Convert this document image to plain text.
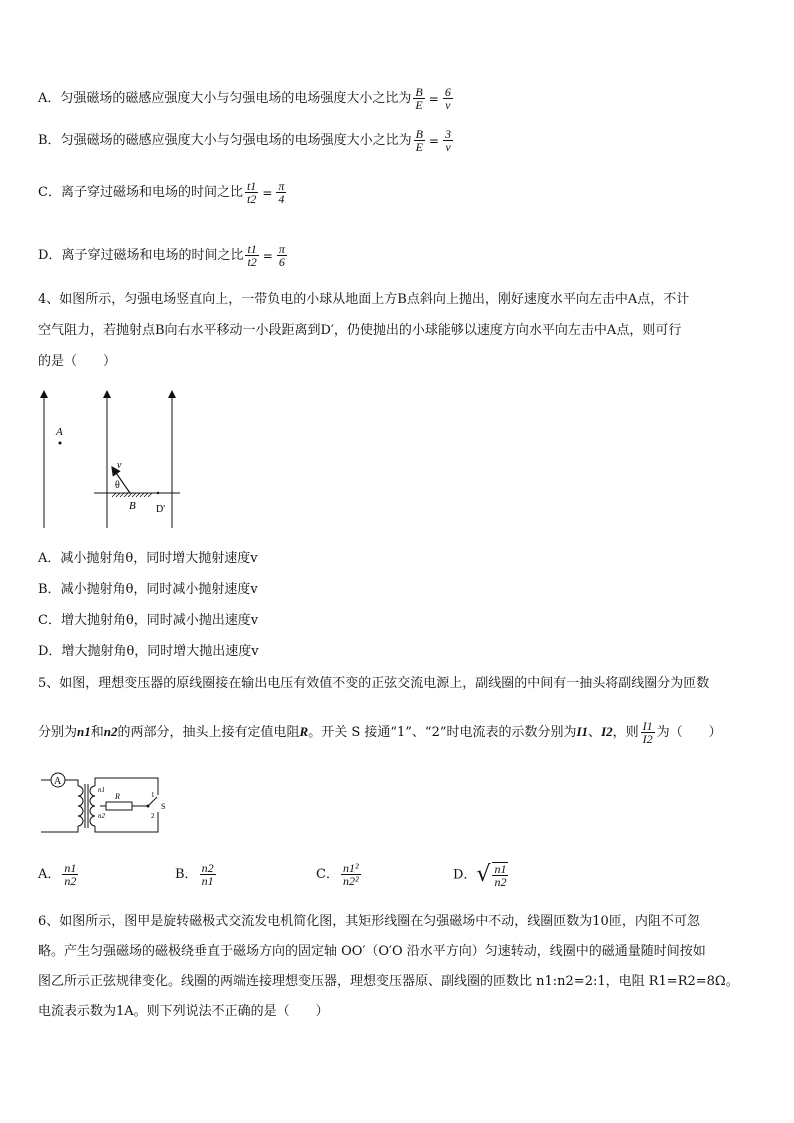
A．匀强磁场的磁感应强度大小与匀强电场的电场强度大小之比为 $\frac{B}{E} = \frac{6}{v}$
B．匀强磁场的磁感应强度大小与匀强电场的电场强度大小之比为 $\frac{B}{E} = \frac{3}{v}$
C．离子穿过磁场和电场的时间之比 $\frac{t1}{t2} = \frac{\pi}{4}$
D．离子穿过磁场和电场的时间之比 $\frac{t1}{t2} = \frac{\pi}{6}$
4、如图所示，匀强电场竖直向上，一带负电的小球从地面上方B点斜向上抛出，刚好速度水平向左击中A点，不计
空气阻力，若抛射点B向右水平移动一小段距离到D′，仍使抛出的小球能够以速度方向水平向左击中A点，则可行
的是（　　）
A
v
θ
B D'
A．减小抛射角θ，同时增大抛射速度v
B．减小抛射角θ，同时减小抛射速度v
C．增大抛射角θ，同时减小抛出速度v
D．增大抛射角θ，同时增大抛出速度v
5、如图，理想变压器的原线圈接在输出电压有效值不变的正弦交流电源上，副线圈的中间有一抽头将副线圈分为匝数
分别为n1和n2的两部分，抽头上接有定值电阻R。开关 S 接通“1”、“2”时电流表的示数分别为I1、I2，则 $\frac{I1}{I2}$ 为（　　）
A
n1
n2
R
S
1
2
A． $\frac{n1}{n2}$	B． $\frac{n2}{n1}$	C． $\frac{\text{n1²}}{\text{n2²}}$	D．√ $\frac{n1}{n2}$
6、如图所示，图甲是旋转磁极式交流发电机简化图，其矩形线圈在匀强磁场中不动，线圈匝数为10匝，内阻不可忽
略。产生匀强磁场的磁极绕垂直于磁场方向的固定轴 OO′（O′O 沿水平方向）匀速转动，线圈中的磁通量随时间按如
图乙所示正弦规律变化。线圈的两端连接理想变压器，理想变压器原、副线圈的匝数比 n1:n2=2:1，电阻 R1=R2=8Ω。
电流表示数为1A。则下列说法不正确的是（　　）
